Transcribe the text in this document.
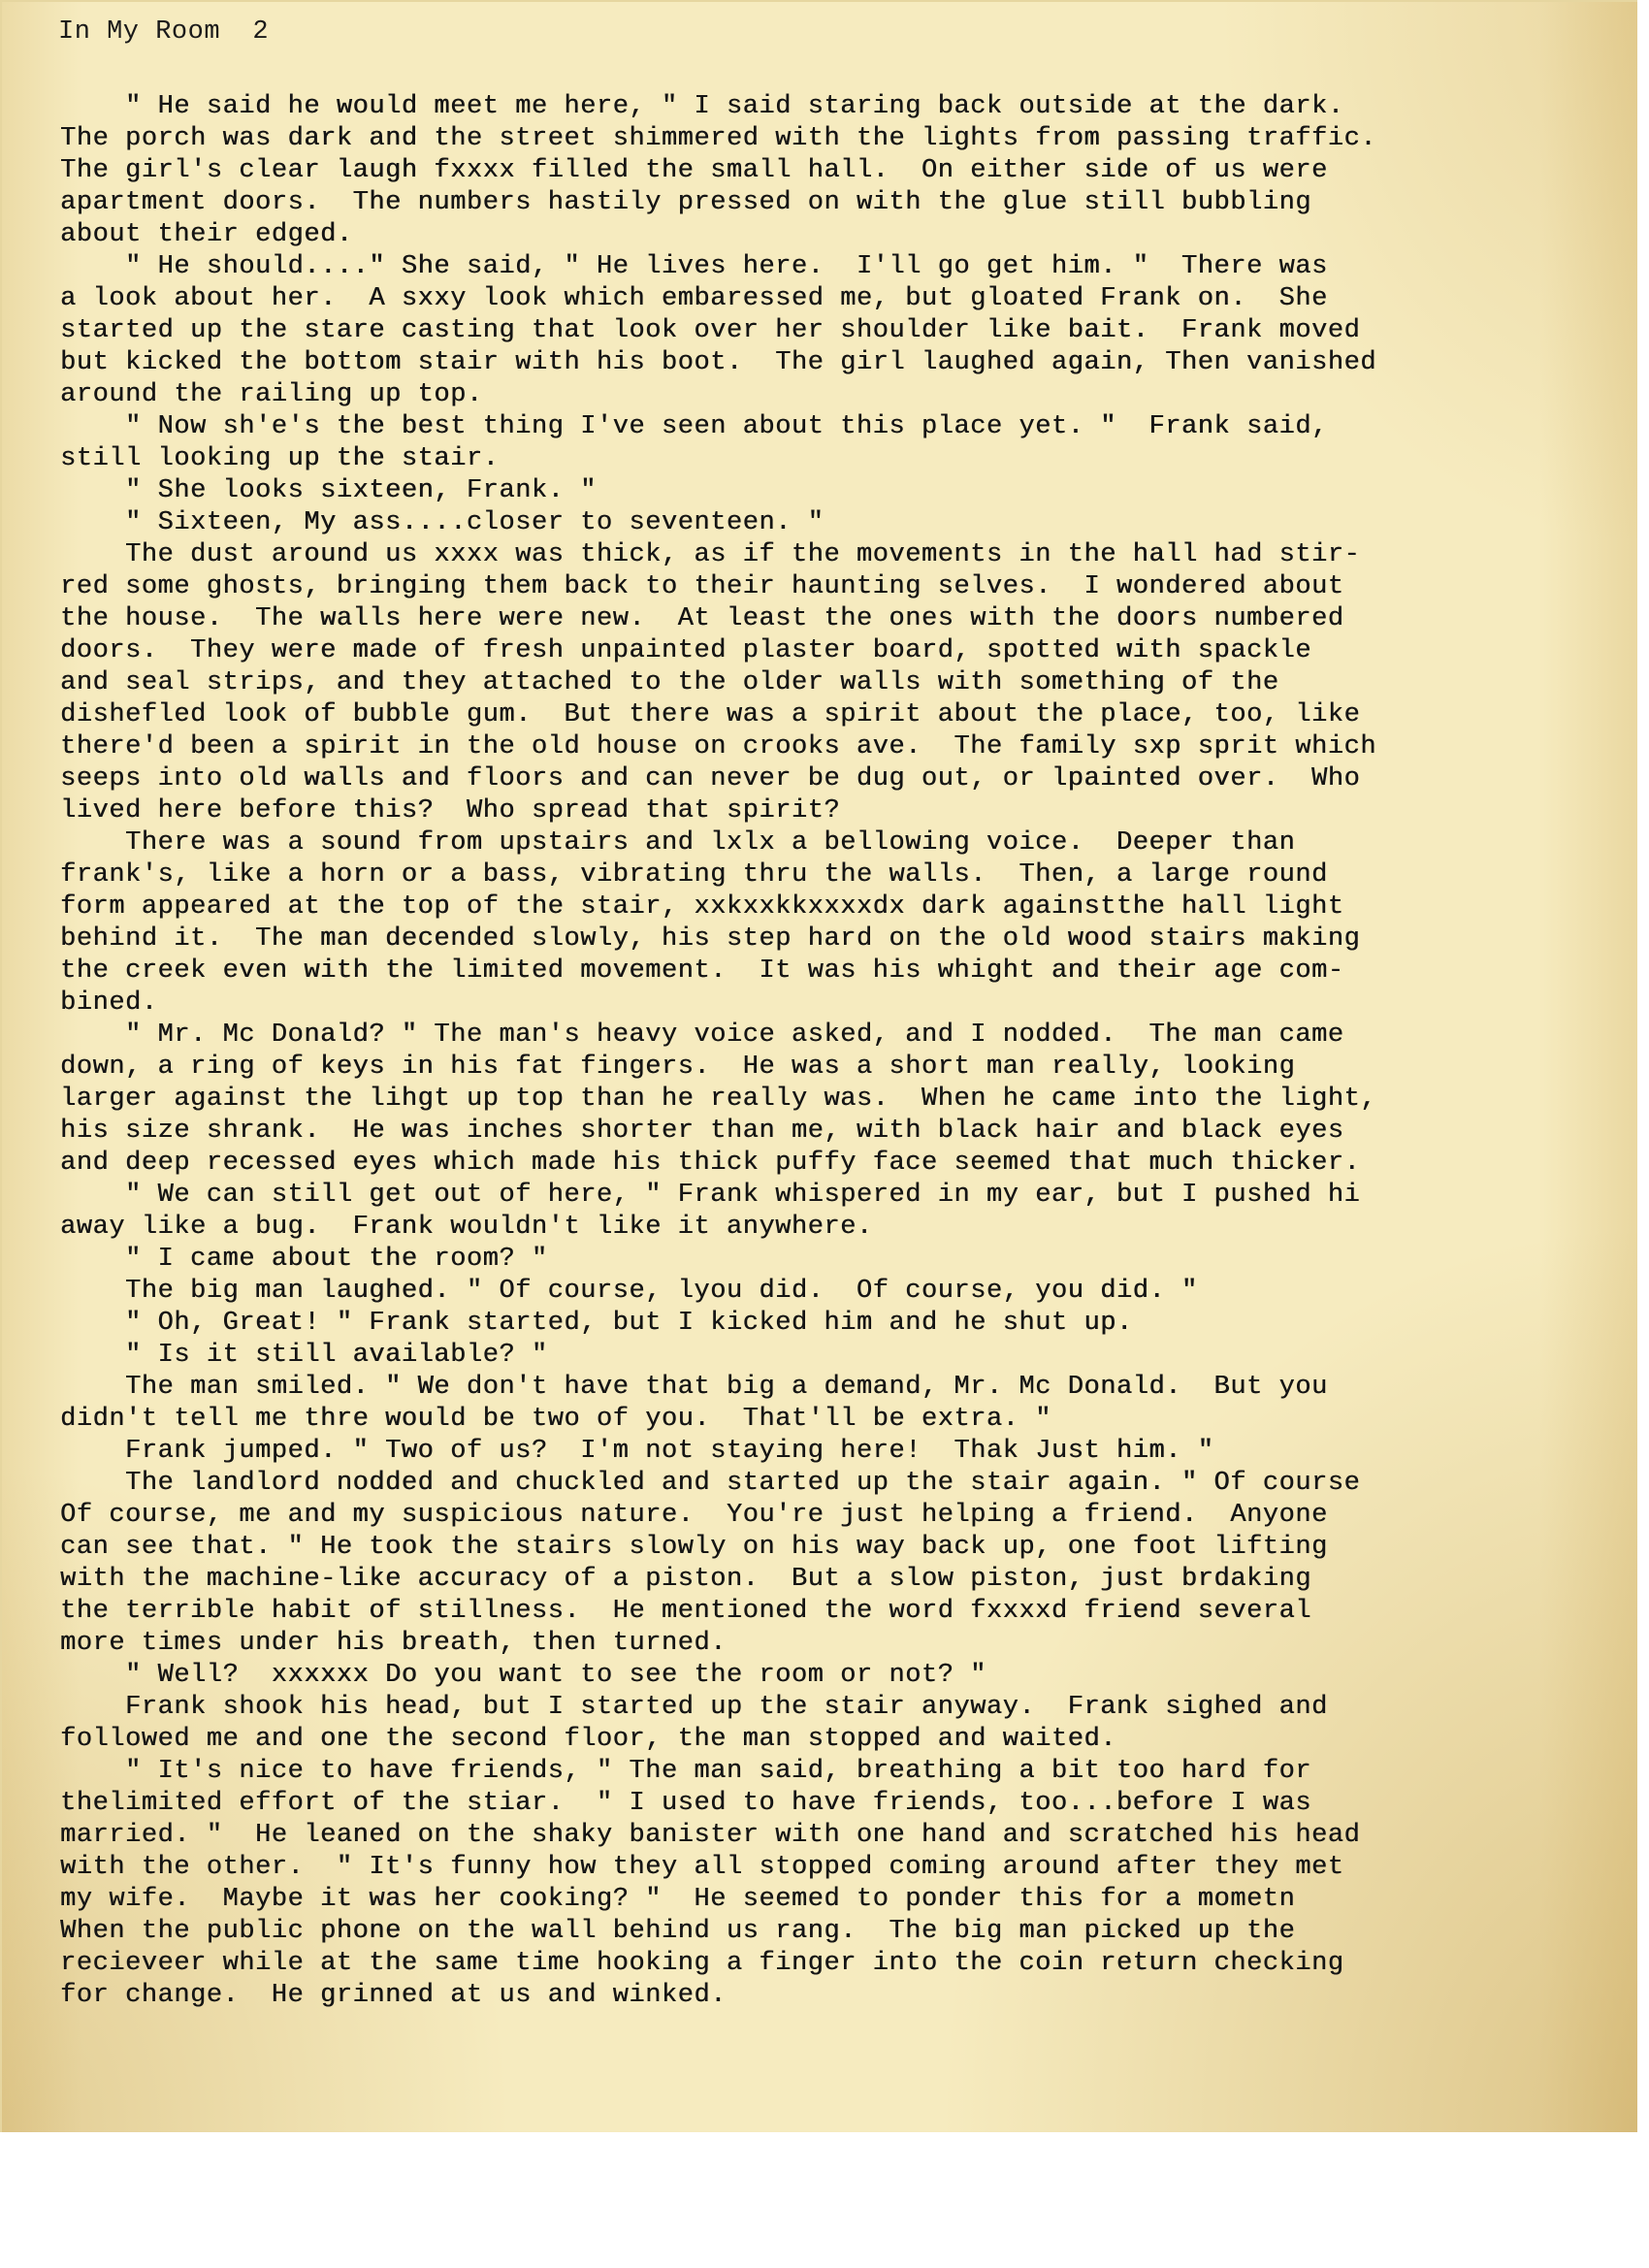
In My Room  2
" He said he would meet me here, " I said staring back outside at the dark.
The porch was dark and the street shimmered with the lights from passing traffic.
The girl's clear laugh fxxxx filled the small hall.  On either side of us were
apartment doors.  The numbers hastily pressed on with the glue still bubbling
about their edged.
" He should...." She said, " He lives here.  I'll go get him. "  There was
a look about her.  A sxxy look which embaressed me, but gloated Frank on.  She
started up the stare casting that look over her shoulder like bait.  Frank moved
but kicked the bottom stair with his boot.  The girl laughed again, Then vanished
around the railing up top.
" Now sh'e's the best thing I've seen about this place yet. "  Frank said,
still looking up the stair.
" She looks sixteen, Frank. "
" Sixteen, My ass....closer to seventeen. "
The dust around us xxxx was thick, as if the movements in the hall had stir-
red some ghosts, bringing them back to their haunting selves.  I wondered about
the house.  The walls here were new.  At least the ones with the doors numbered
doors.  They were made of fresh unpainted plaster board, spotted with spackle
and seal strips, and they attached to the older walls with something of the
dishefled look of bubble gum.  But there was a spirit about the place, too, like
there'd been a spirit in the old house on crooks ave.  The family sxp sprit which
seeps into old walls and floors and can never be dug out, or lpainted over.  Who
lived here before this?  Who spread that spirit?
There was a sound from upstairs and lxlx a bellowing voice.  Deeper than
frank's, like a horn or a bass, vibrating thru the walls.  Then, a large round
form appeared at the top of the stair, xxkxxkkxxxxdx dark againstthe hall light
behind it.  The man decended slowly, his step hard on the old wood stairs making
the creek even with the limited movement.  It was his whight and their age com-
bined.
" Mr. Mc Donald? " The man's heavy voice asked, and I nodded.  The man came
down, a ring of keys in his fat fingers.  He was a short man really, looking
larger against the lihgt up top than he really was.  When he came into the light,
his size shrank.  He was inches shorter than me, with black hair and black eyes
and deep recessed eyes which made his thick puffy face seemed that much thicker.
" We can still get out of here, " Frank whispered in my ear, but I pushed hi
away like a bug.  Frank wouldn't like it anywhere.
" I came about the room? "
The big man laughed. " Of course, lyou did.  Of course, you did. "
" Oh, Great! " Frank started, but I kicked him and he shut up.
" Is it still available? "
The man smiled. " We don't have that big a demand, Mr. Mc Donald.  But you
didn't tell me thre would be two of you.  That'll be extra. "
Frank jumped. " Two of us?  I'm not staying here!  Thak Just him. "
The landlord nodded and chuckled and started up the stair again. " Of course
Of course, me and my suspicious nature.  You're just helping a friend.  Anyone
can see that. " He took the stairs slowly on his way back up, one foot lifting
with the machine-like accuracy of a piston.  But a slow piston, just brdaking
the terrible habit of stillness.  He mentioned the word fxxxxd friend several
more times under his breath, then turned.
" Well?  xxxxxx Do you want to see the room or not? "
Frank shook his head, but I started up the stair anyway.  Frank sighed and
followed me and one the second floor, the man stopped and waited.
" It's nice to have friends, " The man said, breathing a bit too hard for
thelimited effort of the stiar.  " I used to have friends, too...before I was
married. "  He leaned on the shaky banister with one hand and scratched his head
with the other.  " It's funny how they all stopped coming around after they met
my wife.  Maybe it was her cooking? "  He seemed to ponder this for a mometn
When the public phone on the wall behind us rang.  The big man picked up the
recieveer while at the same time hooking a finger into the coin return checking
for change.  He grinned at us and winked.
